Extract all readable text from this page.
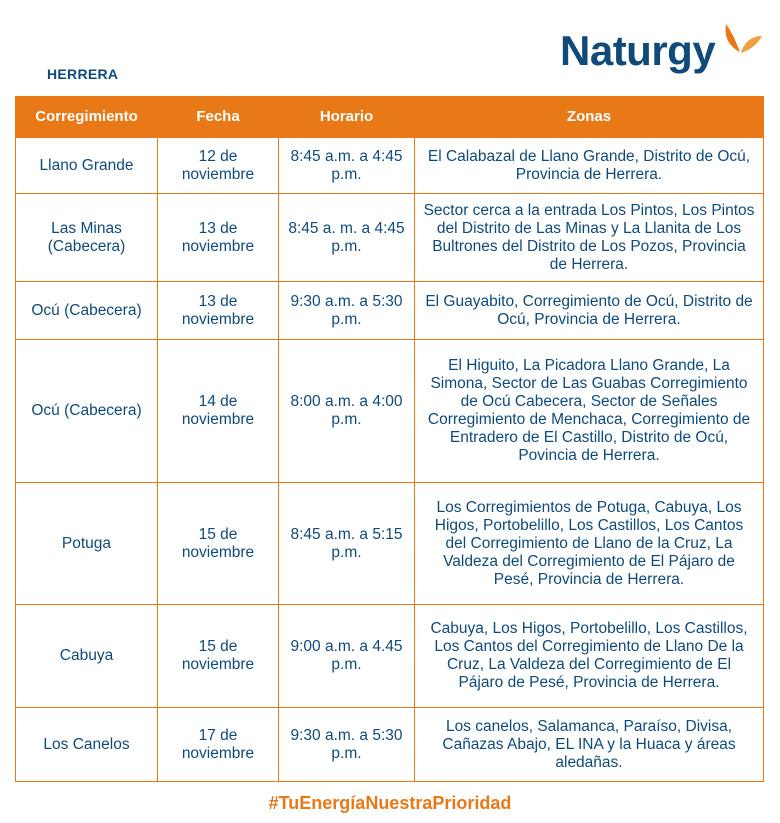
HERRERA	Naturgy
Corregimiento	Fecha	Horario	Zonas
Llano Grande	12 de noviembre	8:45 a.m. a 4:45 p.m.	El Calabazal de Llano Grande, Distrito de Ocú, Provincia de Herrera.
Las Minas (Cabecera)	13 de noviembre	8:45 a. m. a 4:45 p.m.	Sector cerca a la entrada Los Pintos, Los Pintos del Distrito de Las Minas y La Llanita de Los Bultrones del Distrito de Los Pozos, Provincia de Herrera.
Ocú (Cabecera)	13 de noviembre	9:30 a.m. a 5:30 p.m.	El Guayabito, Corregimiento de Ocú, Distrito de Ocú, Provincia de Herrera.
Ocú (Cabecera)	14 de noviembre	8:00 a.m. a 4:00 p.m.	El Higuito, La Picadora Llano Grande, La Simona, Sector de Las Guabas Corregimiento de Ocú Cabecera, Sector de Señales Corregimiento de Menchaca, Corregimiento de Entradero de El Castillo, Distrito de Ocú, Povincia de Herrera.
Potuga	15 de noviembre	8:45 a.m. a 5:15 p.m.	Los Corregimientos de Potuga, Cabuya, Los Higos, Portobelillo, Los Castillos, Los Cantos del Corregimiento de Llano de la Cruz, La Valdeza del Corregimiento de El Pájaro de Pesé, Provincia de Herrera.
Cabuya	15 de noviembre	9:00 a.m. a 4.45 p.m.	Cabuya, Los Higos, Portobelillo, Los Castillos, Los Cantos del Corregimiento de Llano De la Cruz, La Valdeza del Corregimiento de El Pájaro de Pesé, Provincia de Herrera.
Los Canelos	17 de noviembre	9:30 a.m. a 5:30 p.m.	Los canelos, Salamanca, Paraíso, Divisa, Cañazas Abajo, EL INA y la Huaca y áreas aledañas.
#TuEnergíaNuestraPrioridad
